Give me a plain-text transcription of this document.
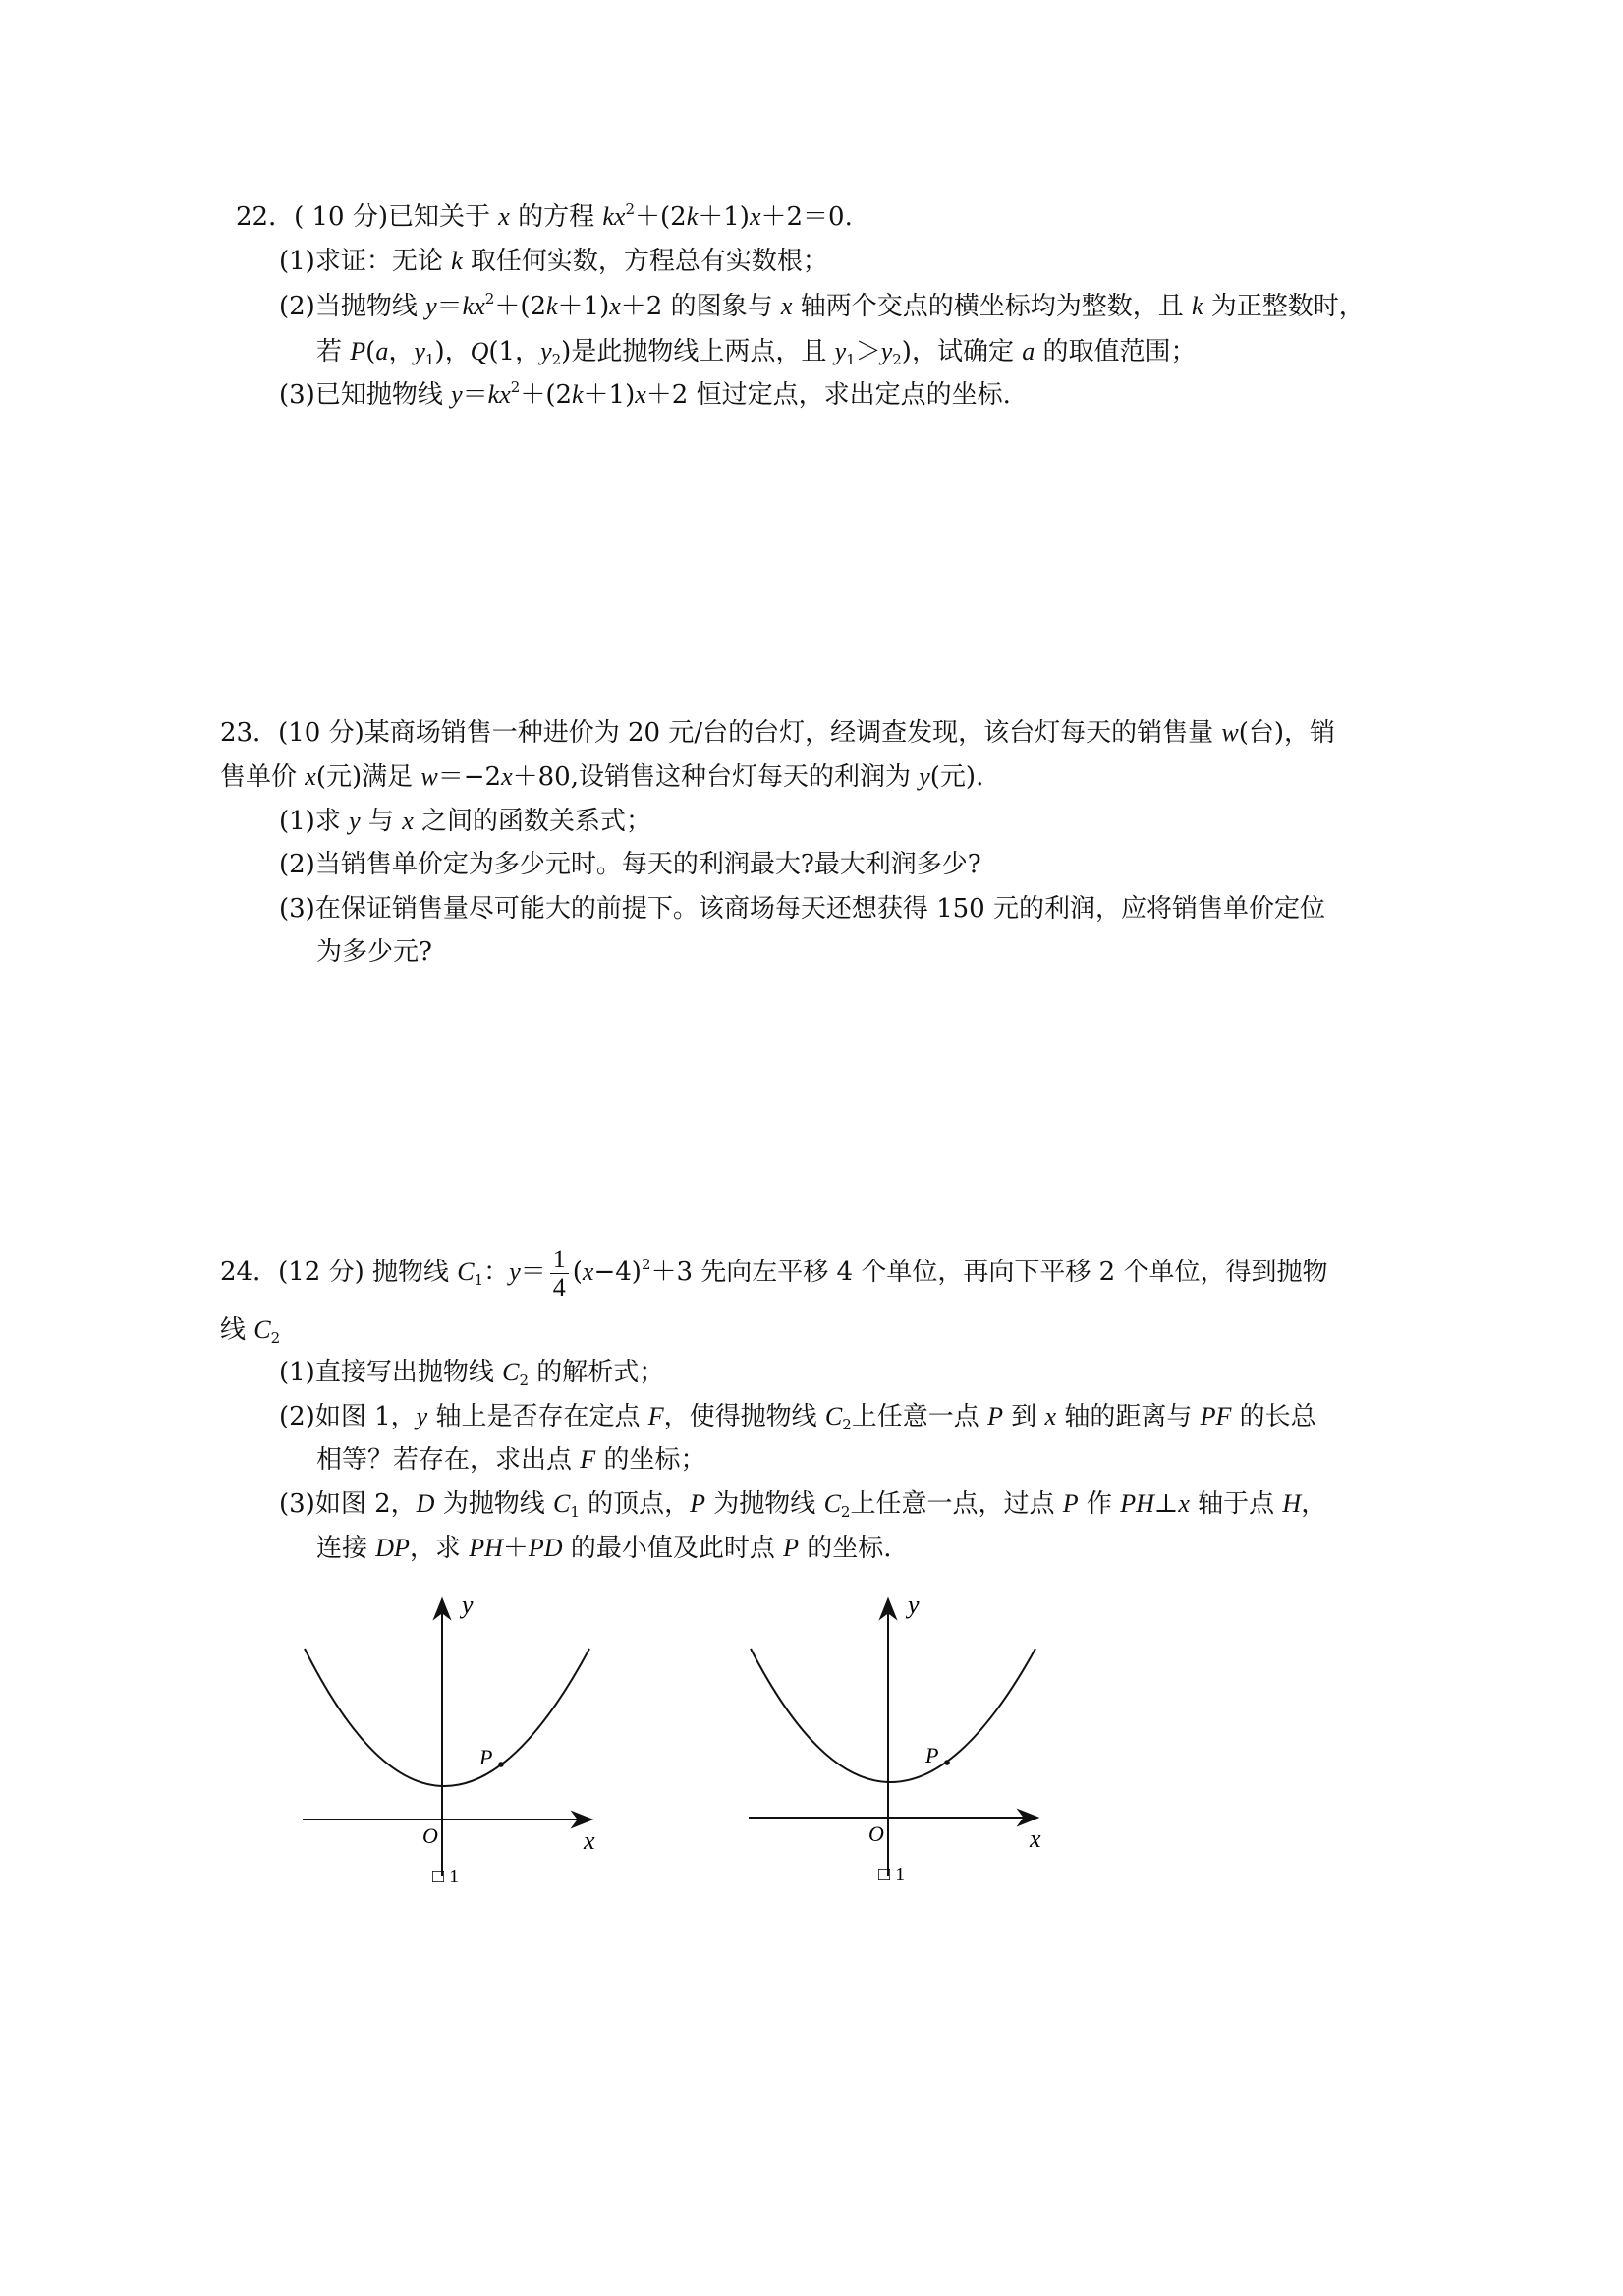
22．( 10 分)已知关于 x 的方程 $kx^2+(2k+1)x+2=0$.
(1)求证：无论 k 取任何实数，方程总有实数根；
(2)当抛物线 $y=kx^2+(2k+1)x+2$ 的图象与 x 轴两个交点的横坐标均为整数，且 k 为正整数时，
若 P(a，$y_1$)，Q(1，$y_2$)是此抛物线上两点，且 $y_1>y_2$)，试确定 a 的取值范围；
(3)已知抛物线 $y=kx^2+(2k+1)x+2$ 恒过定点，求出定点的坐标.
23．(10 分)某商场销售一种进价为 20 元/台的台灯，经调查发现，该台灯每天的销售量 w(台)，销
售单价 x(元)满足 w＝−2x＋80,设销售这种台灯每天的利润为 y(元).
(1)求 y 与 x 之间的函数关系式；
(2)当销售单价定为多少元时。每天的利润最大?最大利润多少?
(3)在保证销售量尽可能大的前提下。该商场每天还想获得 150 元的利润，应将销售单价定位
为多少元?
24．(12 分) 抛物线 $C_1$：$y= \frac{1}{4} (x-4)^2+3$ 先向左平移 4 个单位，再向下平移 2 个单位，得到抛物
线 $C_2$
(1)直接写出抛物线 $C_2$ 的解析式；
(2)如图 1，y 轴上是否存在定点 F，使得抛物线 $C_2$上任意一点 P 到 x 轴的距离与 PF 的长总
相等？若存在，求出点 F 的坐标；
(3)如图 2，D 为抛物线 $C_1$ 的顶点，P 为抛物线 $C_2$上任意一点，过点 P 作 PH⊥x 轴于点 H，
连接 DP，求 PH＋PD 的最小值及此时点 P 的坐标.
P
O	x
y
□ 1
P
O	x
y
□ 1
